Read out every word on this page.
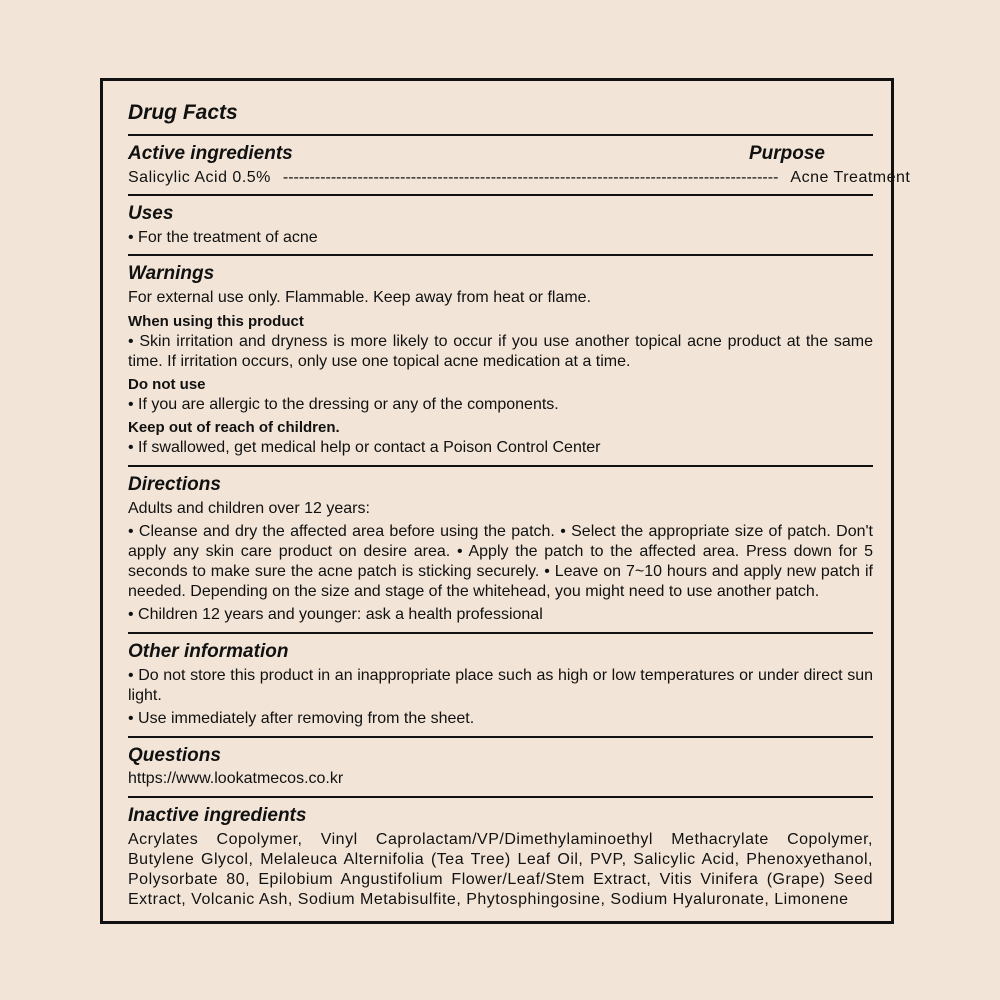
Drug Facts
Active ingredients	Purpose
Salicylic Acid 0.5% --------------------------------------------------------------------------------------------- Acne Treatment
Uses
• For the treatment of acne
Warnings
For external use only. Flammable. Keep away from heat or flame.
When using this product
• Skin irritation and dryness is more likely to occur if you use another topical acne product at the same time. If irritation occurs, only use one topical acne medication at a time.
Do not use
• If you are allergic to the dressing or any of the components.
Keep out of reach of children.
• If swallowed, get medical help or contact a Poison Control Center
Directions
Adults and children over 12 years:
• Cleanse and dry the affected area before using the patch. • Select the appropriate size of patch. Don't apply any skin care product on desire area. • Apply the patch to the affected area. Press down for 5 seconds to make sure the acne patch is sticking securely. • Leave on 7~10 hours and apply new patch if needed. Depending on the size and stage of the whitehead, you might need to use another patch.
• Children 12 years and younger: ask a health professional
Other information
• Do not store this product in an inappropriate place such as high or low temperatures or under direct sun light.
• Use immediately after removing from the sheet.
Questions
https://www.lookatmecos.co.kr
Inactive ingredients
Acrylates Copolymer, Vinyl Caprolactam/VP/Dimethylaminoethyl Methacrylate Copolymer, Butylene Glycol, Melaleuca Alternifolia (Tea Tree) Leaf Oil, PVP, Salicylic Acid, Phenoxyethanol, Polysorbate 80, Epilobium Angustifolium Flower/Leaf/Stem Extract, Vitis Vinifera (Grape) Seed Extract, Volcanic Ash, Sodium Metabisulfite, Phytosphingosine, Sodium Hyaluronate, Limonene
